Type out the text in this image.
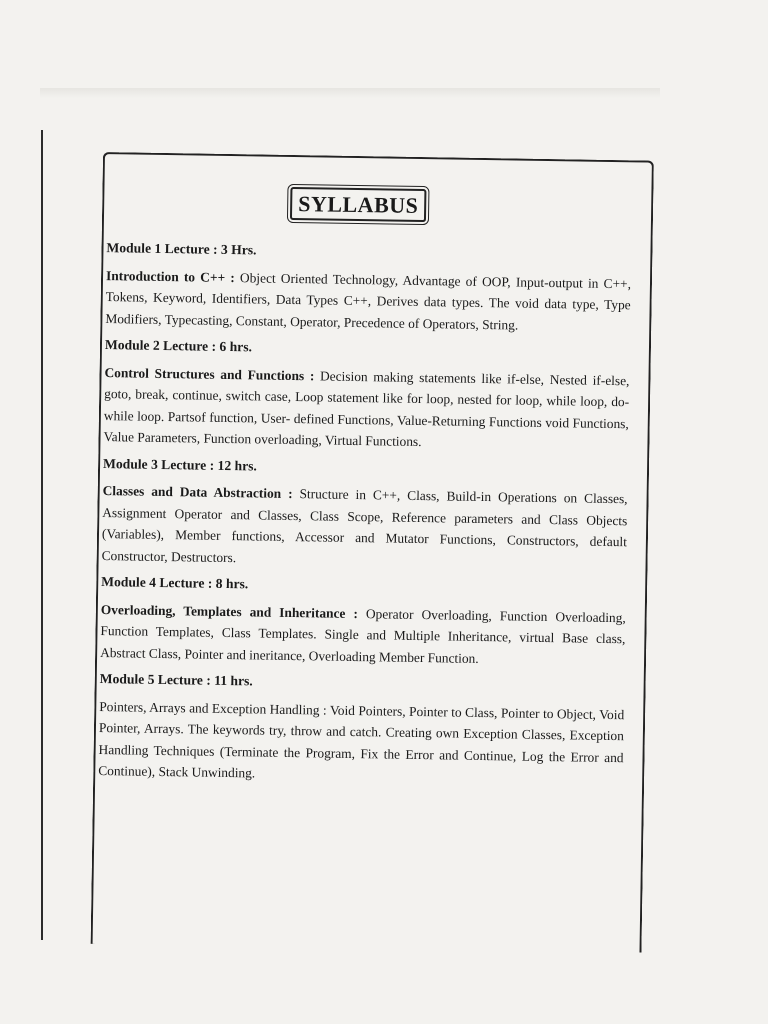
SYLLABUS
Module 1 Lecture : 3 Hrs.

Introduction to C++ : Object Oriented Technology, Advantage of OOP, Input-output in C++, Tokens, Keyword, Identifiers, Data Types C++, Derives data types. The void data type, Type Modifiers, Typecasting, Constant, Operator, Precedence of Operators, String.

Module 2 Lecture : 6 hrs.

Control Structures and Functions : Decision making statements like if-else, Nested if-else, goto, break, continue, switch case, Loop statement like for loop, nested for loop, while loop, do-while loop. Partsof function, User- defined Functions, Value-Returning Functions void Functions, Value Parameters, Function overloading, Virtual Functions.

Module 3 Lecture : 12 hrs.

Classes and Data Abstraction : Structure in C++, Class, Build-in Operations on Classes, Assignment Operator and Classes, Class Scope, Reference parameters and Class Objects (Variables), Member functions, Accessor and Mutator Functions, Constructors, default Constructor, Destructors.

Module 4 Lecture : 8 hrs.

Overloading, Templates and Inheritance : Operator Overloading, Function Overloading, Function Templates, Class Templates. Single and Multiple Inheritance, virtual Base class, Abstract Class, Pointer and ineritance, Overloading Member Function.

Module 5 Lecture : 11 hrs.

Pointers, Arrays and Exception Handling : Void Pointers, Pointer to Class, Pointer to Object, Void Pointer, Arrays. The keywords try, throw and catch. Creating own Exception Classes, Exception Handling Techniques (Terminate the Program, Fix the Error and Continue, Log the Error and Continue), Stack Unwinding.
